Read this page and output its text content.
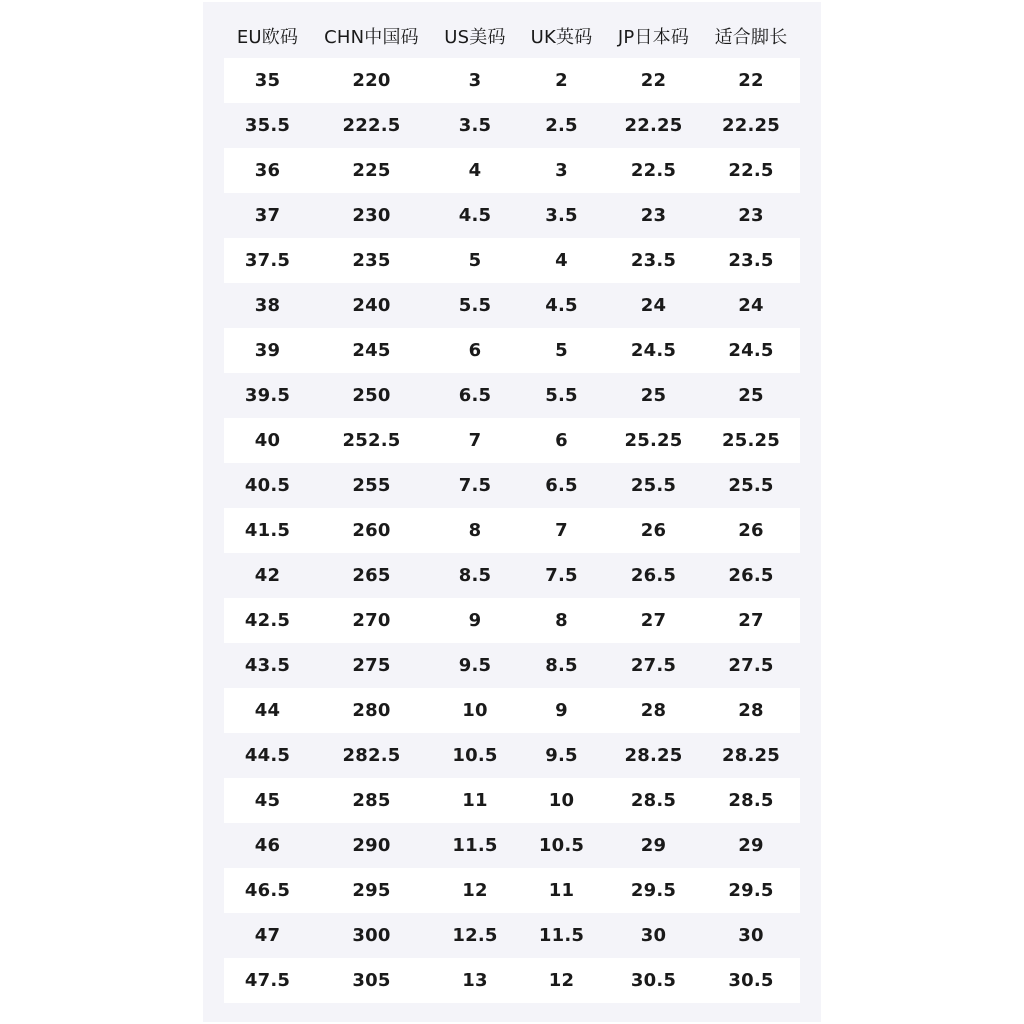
EU欧码	CHN中国码	US美码	UK英码	JP日本码	适合脚长
35	220	3	2	22	22
35.5	222.5	3.5	2.5	22.25	22.25
36	225	4	3	22.5	22.5
37	230	4.5	3.5	23	23
37.5	235	5	4	23.5	23.5
38	240	5.5	4.5	24	24
39	245	6	5	24.5	24.5
39.5	250	6.5	5.5	25	25
40	252.5	7	6	25.25	25.25
40.5	255	7.5	6.5	25.5	25.5
41.5	260	8	7	26	26
42	265	8.5	7.5	26.5	26.5
42.5	270	9	8	27	27
43.5	275	9.5	8.5	27.5	27.5
44	280	10	9	28	28
44.5	282.5	10.5	9.5	28.25	28.25
45	285	11	10	28.5	28.5
46	290	11.5	10.5	29	29
46.5	295	12	11	29.5	29.5
47	300	12.5	11.5	30	30
47.5	305	13	12	30.5	30.5
